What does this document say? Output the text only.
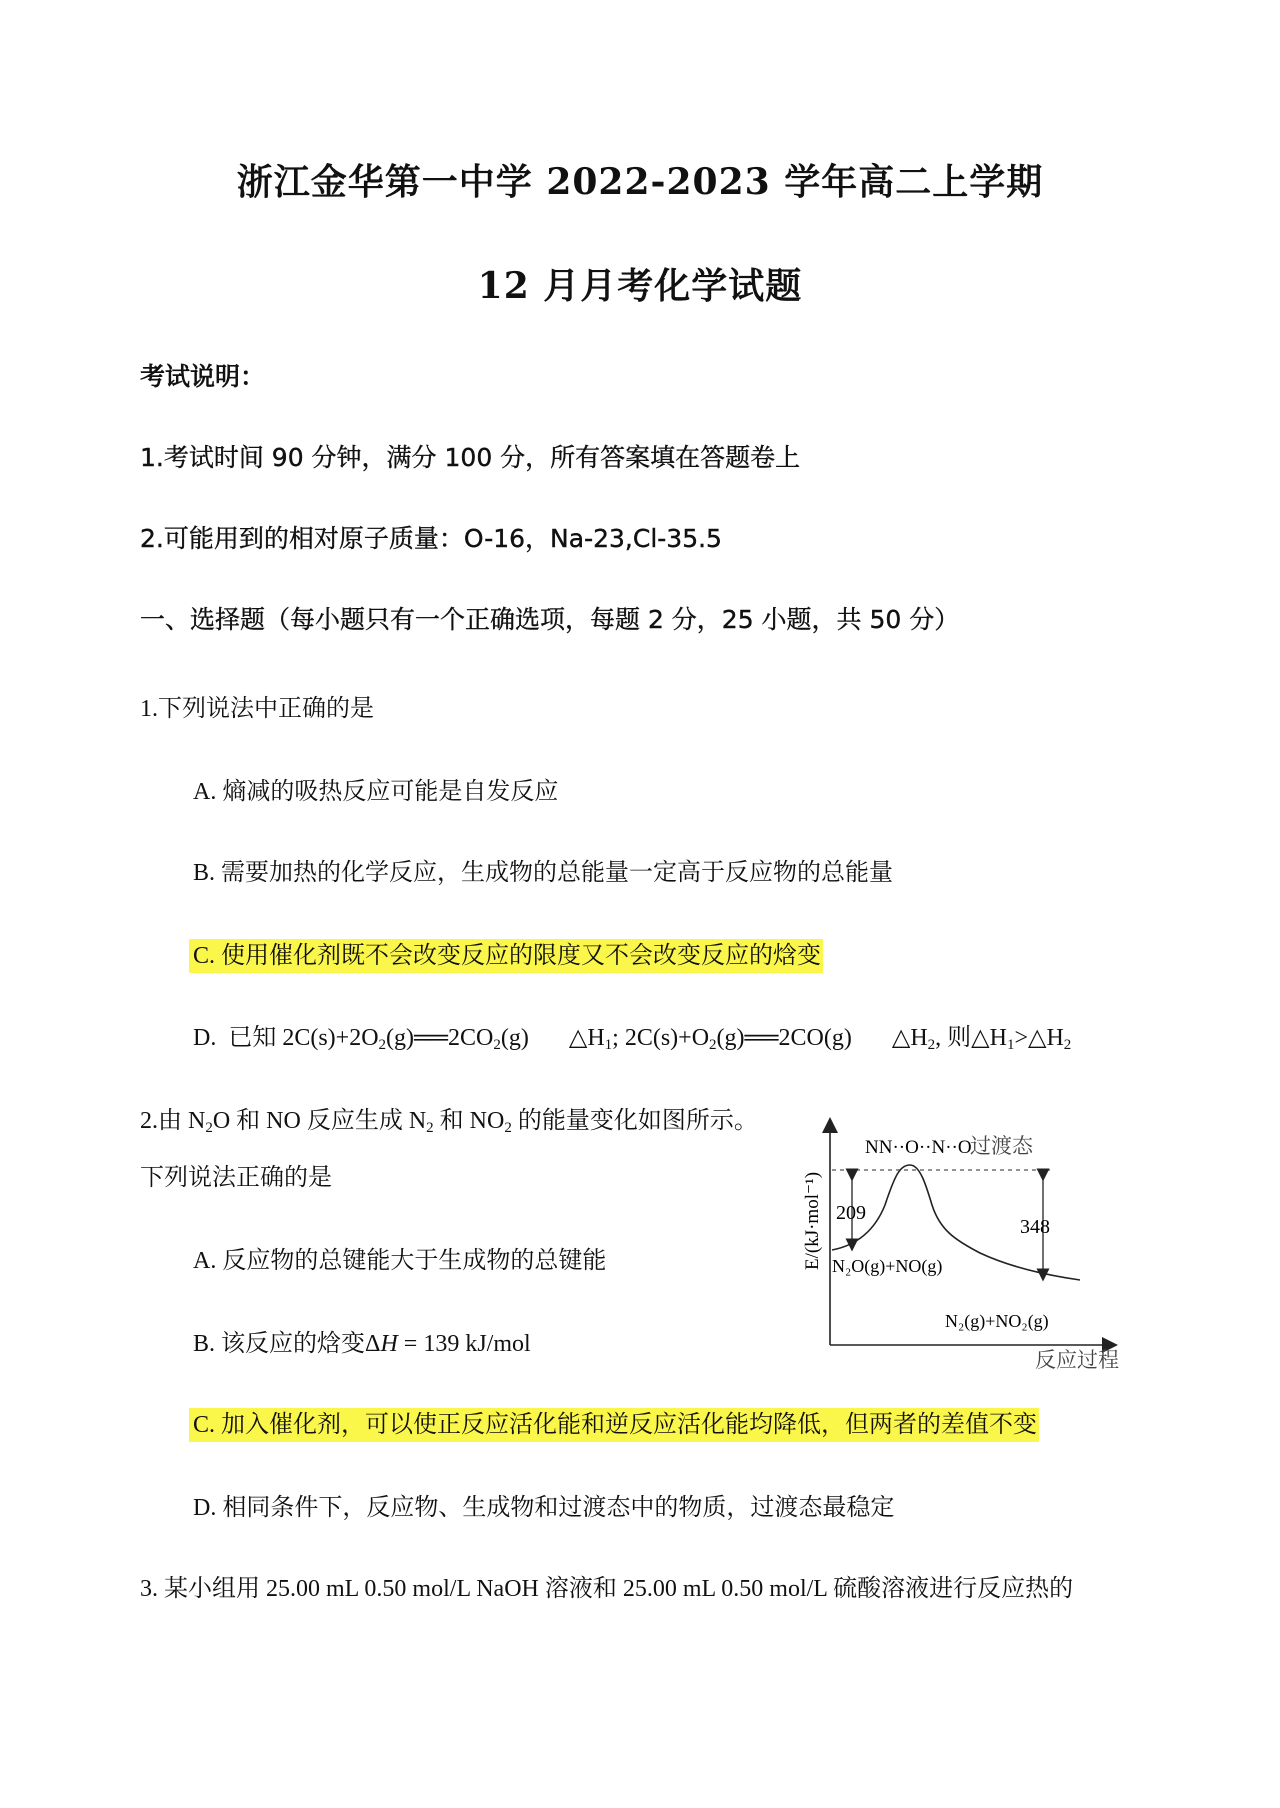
浙江金华第一中学 2022-2023 学年高二上学期
12 月月考化学试题
考试说明：
1.考试时间 90 分钟，满分 100 分，所有答案填在答题卷上
2.可能用到的相对原子质量：O-16，Na-23,Cl-35.5
一、选择题（每小题只有一个正确选项，每题 2 分，25 小题，共 50 分）
1.下列说法中正确的是
A. 熵减的吸热反应可能是自发反应
B. 需要加热的化学反应，生成物的总能量一定高于反应物的总能量
C. 使用催化剂既不会改变反应的限度又不会改变反应的焓变
D. 已知 $2C(s)+2O_2(g)══2CO_2(g)$ $\triangle H_1$; $2C(s)+O_2(g)══2CO(g)$ $\triangle H_2$, 则$\triangle H_1>\triangle H_2$
2.由 $N_2O$ 和 NO 反应生成 $N_2$ 和 $NO_2$ 的能量变化如图所示。
下列说法正确的是
A. 反应物的总键能大于生成物的总键能
B. 该反应的焓变ΔH = 139 kJ/mol
C. 加入催化剂，可以使正反应活化能和逆反应活化能均降低，但两者的差值不变
D. 相同条件下，反应物、生成物和过渡态中的物质，过渡态最稳定
3. 某小组用 25.00 mL 0.50 mol/L NaOH 溶液和 25.00 mL 0.50 mol/L 硫酸溶液进行反应热的
209
348
过渡态
NN··O··N··O
N₂O(g)+NO(g)
N₂(g)+NO₂(g)
反应过程
E/(kJ·mol⁻¹)
